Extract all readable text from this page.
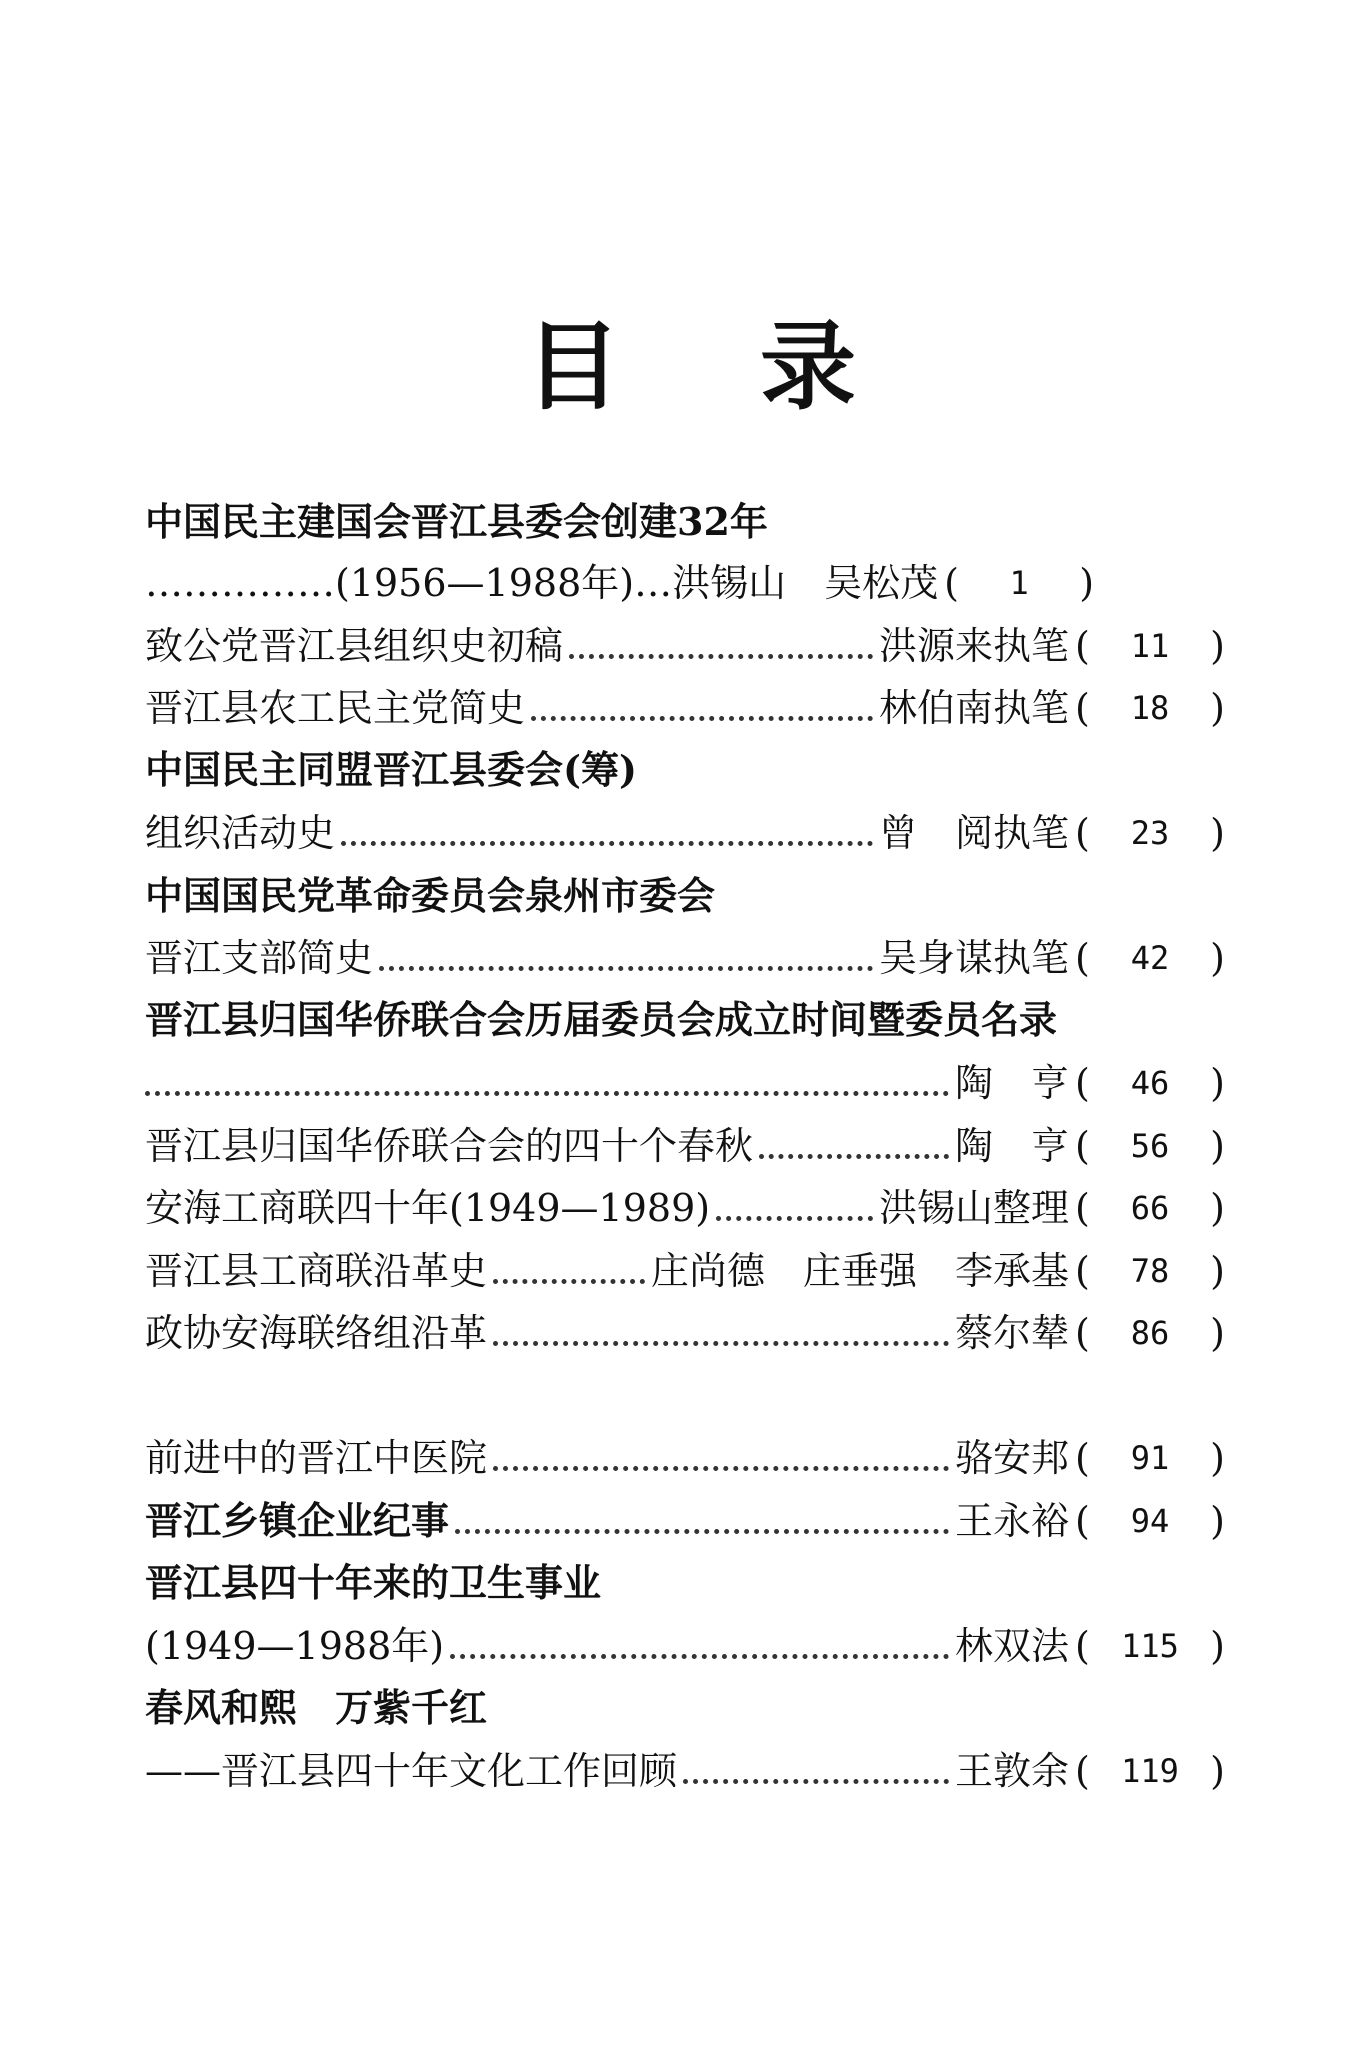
目 录
中国民主建国会晋江县委会创建32年
……………(1956—1988年)… 洪锡山　吴松茂 ( 1 )
致公党晋江县组织史初稿	洪源来执笔 ( 11 )
晋江县农工民主党简史	林伯南执笔 ( 18 )
中国民主同盟晋江县委会(筹)
组织活动史	曾　阅执笔 ( 23 )
中国国民党革命委员会泉州市委会
晋江支部简史	吴身谋执笔 ( 42 )
晋江县归国华侨联合会历届委员会成立时间暨委员名录
陶　亨 ( 46 )
晋江县归国华侨联合会的四十个春秋	陶　亨 ( 56 )
安海工商联四十年(1949—1989)	洪锡山整理 ( 66 )
晋江县工商联沿革史	庄尚德　庄垂强　李承基 ( 78 )
政协安海联络组沿革	蔡尔辇 ( 86 )
前进中的晋江中医院	骆安邦 ( 91 )
晋江乡镇企业纪事	王永裕 ( 94 )
晋江县四十年来的卫生事业
(1949—1988年)	林双法 ( 115 )
春风和熙　万紫千红
——晋江县四十年文化工作回顾	王敦余 ( 119 )
